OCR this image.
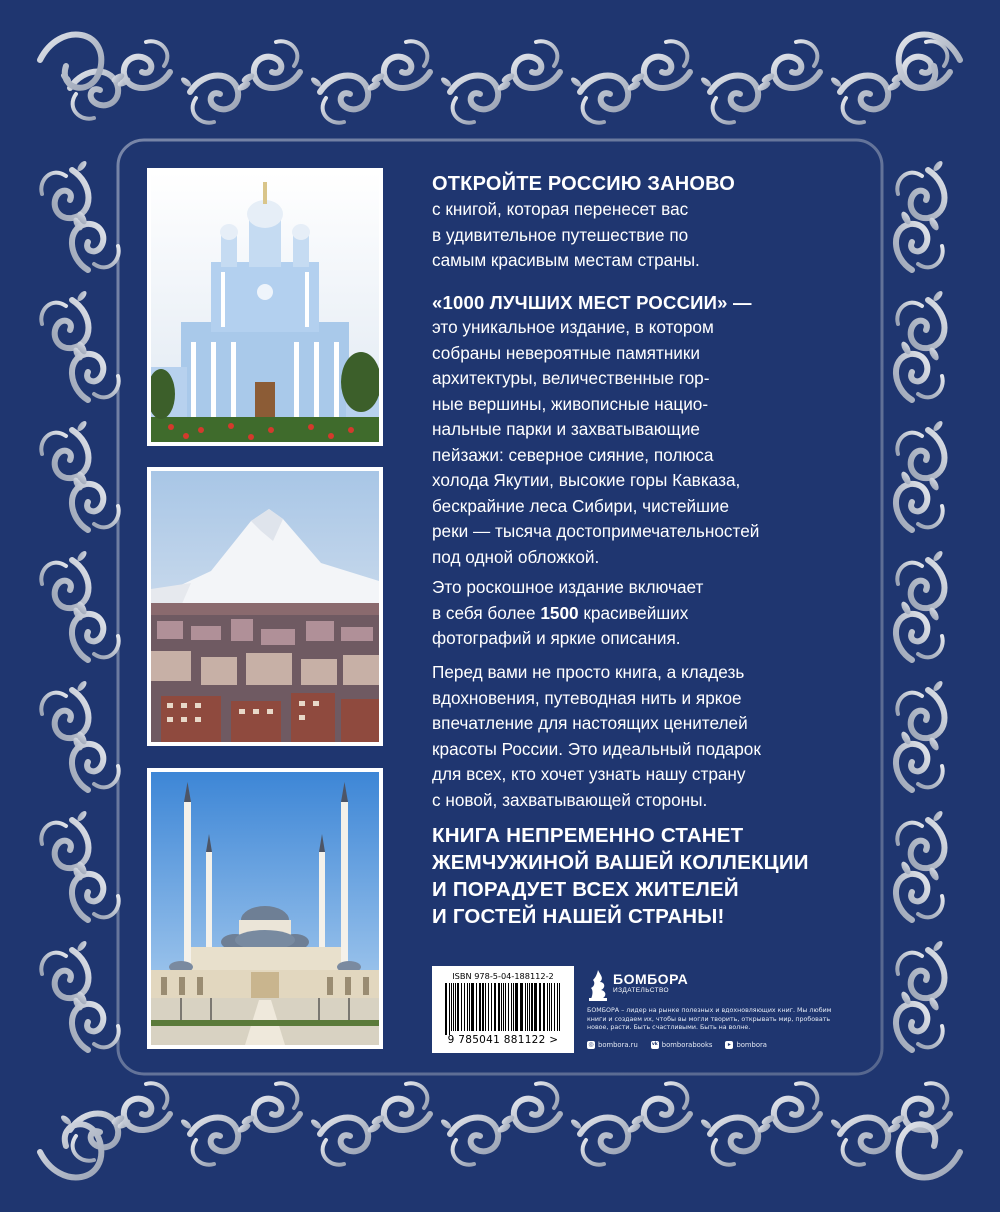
ОТКРОЙТЕ РОССИЮ ЗАНОВО

с книгой, которая перенесет вас

в удивительное путешествие по

самым красивым местам страны.

«1000 ЛУЧШИХ МЕСТ РОССИИ» —

это уникальное издание, в котором

собраны невероятные памятники

архитектуры, величественные гор-

ные вершины, живописные нацио-

нальные парки и захватывающие

пейзажи: северное сияние, полюса

холода Якутии, высокие горы Кавказа,

бескрайние леса Сибири, чистейшие

реки — тысяча достопримечательностей

под одной обложкой.

Это роскошное издание включает

в себя более 1500 красивейших

фотографий и яркие описания.

Перед вами не просто книга, а кладезь

вдохновения, путеводная нить и яркое

впечатление для настоящих ценителей

красоты России. Это идеальный подарок

для всех, кто хочет узнать нашу страну

с новой, захватывающей стороны.

КНИГА НЕПРЕМЕННО СТАНЕТ

ЖЕМЧУЖИНОЙ ВАШЕЙ КОЛЛЕКЦИИ

И ПОРАДУЕТ ВСЕХ ЖИТЕЛЕЙ

И ГОСТЕЙ НАШЕЙ СТРАНЫ!

ISBN 978-5-04-188112-2
9 785041 881122 >
БОМБОРА
ИЗДАТЕЛЬСТВО
БОМБОРА – лидер на рынке полезных и вдохновляющих книг. Мы любим книги и создаем их, чтобы вы могли творить, открывать мир, пробовать новое, расти. Быть счастливыми. Быть на волне.
◎ bombora.ru	vk bomborabooks	▸ bombora
